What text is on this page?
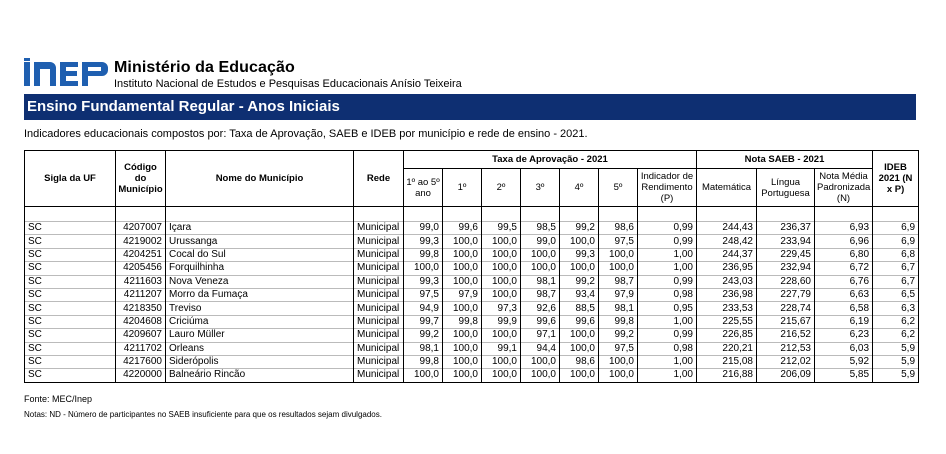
Ministério da Educação
Instituto Nacional de Estudos e Pesquisas Educacionais Anísio Teixeira
Ensino Fundamental Regular - Anos Iniciais
Indicadores educacionais compostos por: Taxa de Aprovação, SAEB e IDEB por município e rede de ensino - 2021.
Sigla da UF	Código do Município	Nome do Município	Rede	Taxa de Aprovação - 2021							Nota SAEB - 2021			IDEB 2021 (N x P)
				1º ao 5º ano	1º	2º	3º	4º	5º	Indicador de Rendimento (P)	Matemática	Língua Portuguesa	Nota Média Padronizada (N)	

SC	4207007	Içara	Municipal	99,0	99,6	99,5	98,5	99,2	98,6	0,99	244,43	236,37	6,93	6,9
SC	4219002	Urussanga	Municipal	99,3	100,0	100,0	99,0	100,0	97,5	0,99	248,42	233,94	6,96	6,9
SC	4204251	Cocal do Sul	Municipal	99,8	100,0	100,0	100,0	99,3	100,0	1,00	244,37	229,45	6,80	6,8
SC	4205456	Forquilhinha	Municipal	100,0	100,0	100,0	100,0	100,0	100,0	1,00	236,95	232,94	6,72	6,7
SC	4211603	Nova Veneza	Municipal	99,3	100,0	100,0	98,1	99,2	98,7	0,99	243,03	228,60	6,76	6,7
SC	4211207	Morro da Fumaça	Municipal	97,5	97,9	100,0	98,7	93,4	97,9	0,98	236,98	227,79	6,63	6,5
SC	4218350	Treviso	Municipal	94,9	100,0	97,3	92,6	88,5	98,1	0,95	233,53	228,74	6,58	6,3
SC	4204608	Criciúma	Municipal	99,7	99,8	99,9	99,6	99,6	99,8	1,00	225,55	215,67	6,19	6,2
SC	4209607	Lauro Müller	Municipal	99,2	100,0	100,0	97,1	100,0	99,2	0,99	226,85	216,52	6,23	6,2
SC	4211702	Orleans	Municipal	98,1	100,0	99,1	94,4	100,0	97,5	0,98	220,21	212,53	6,03	5,9
SC	4217600	Siderópolis	Municipal	99,8	100,0	100,0	100,0	98,6	100,0	1,00	215,08	212,02	5,92	5,9
SC	4220000	Balneário Rincão	Municipal	100,0	100,0	100,0	100,0	100,0	100,0	1,00	216,88	206,09	5,85	5,9
Fonte: MEC/Inep
Notas: ND - Número de participantes no SAEB insuficiente para que os resultados sejam divulgados.
